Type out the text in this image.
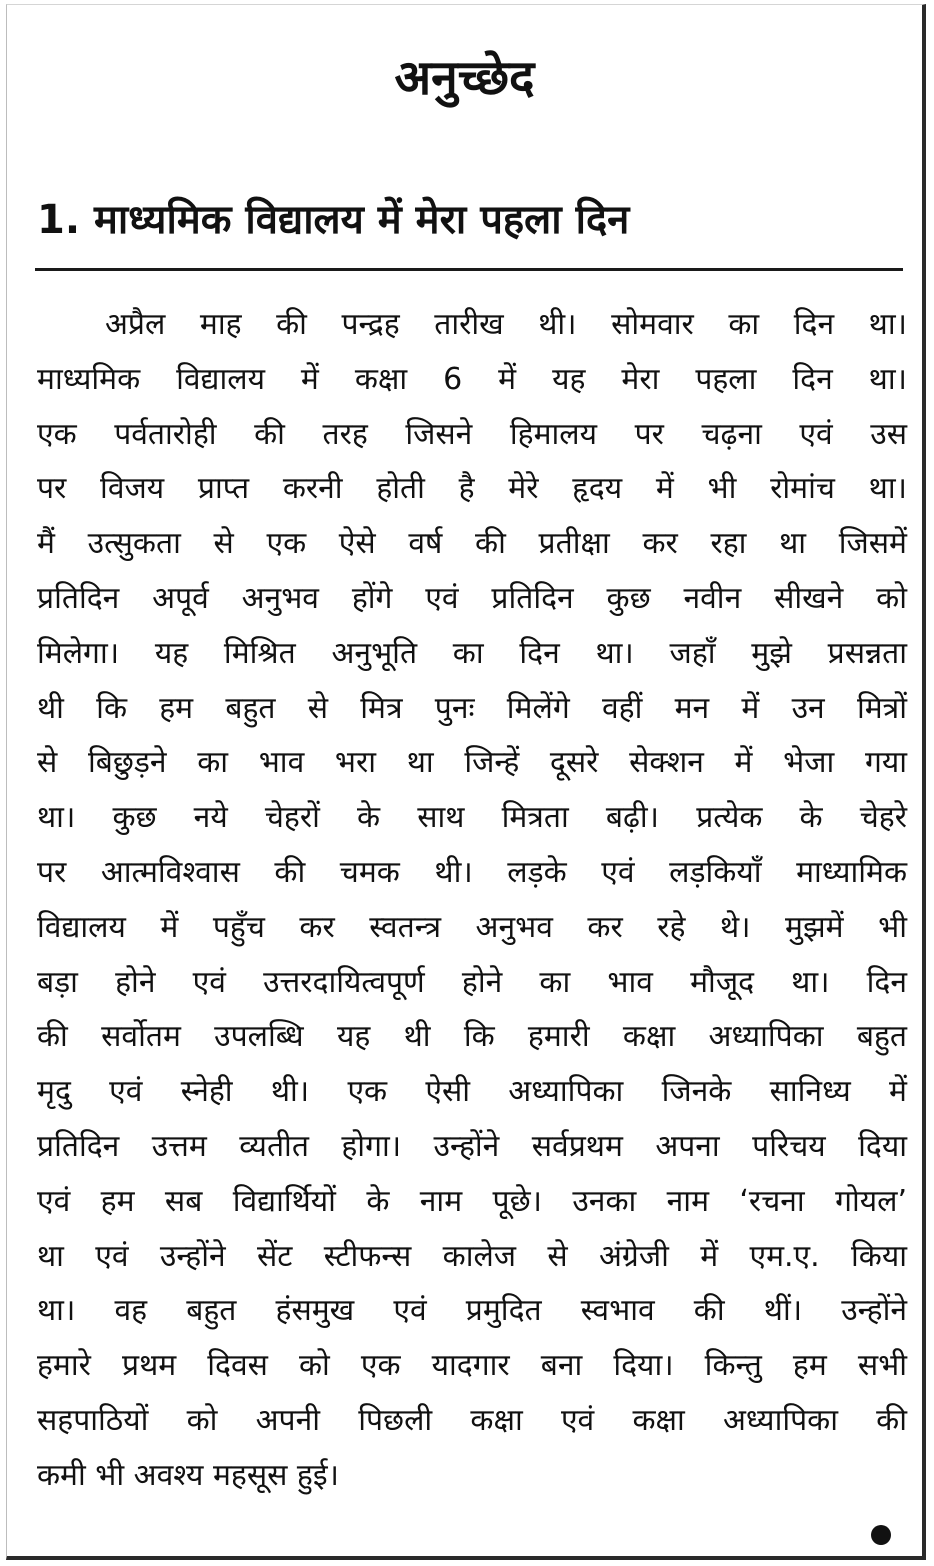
अनुच्छेद
1. माध्यमिक विद्यालय में मेरा पहला दिन
अप्रैल माह की पन्द्रह तारीख थी। सोमवार का दिन था।
माध्यमिक विद्यालय में कक्षा 6 में यह मेरा पहला दिन था।
एक पर्वतारोही की तरह जिसने हिमालय पर चढ़ना एवं उस
पर विजय प्राप्त करनी होती है मेरे हृदय में भी रोमांच था।
मैं उत्सुकता से एक ऐसे वर्ष की प्रतीक्षा कर रहा था जिसमें
प्रतिदिन अपूर्व अनुभव होंगे एवं प्रतिदिन कुछ नवीन सीखने को
मिलेगा। यह मिश्रित अनुभूति का दिन था। जहाँ मुझे प्रसन्नता
थी कि हम बहुत से मित्र पुनः मिलेंगे वहीं मन में उन मित्रों
से बिछुड़ने का भाव भरा था जिन्हें दूसरे सेक्शन में भेजा गया
था। कुछ नये चेहरों के साथ मित्रता बढ़ी। प्रत्येक के चेहरे
पर आत्मविश्वास की चमक थी। लड़के एवं लड़कियाँ माध्यामिक
विद्यालय में पहुँच कर स्वतन्त्र अनुभव कर रहे थे। मुझमें भी
बड़ा होने एवं उत्तरदायित्वपूर्ण होने का भाव मौजूद था। दिन
की सर्वोतम उपलब्धि यह थी कि हमारी कक्षा अध्यापिका बहुत
मृदु एवं स्नेही थी। एक ऐसी अध्यापिका जिनके सानिध्य में
प्रतिदिन उत्तम व्यतीत होगा। उन्होंने सर्वप्रथम अपना परिचय दिया
एवं हम सब विद्यार्थियों के नाम पूछे। उनका नाम ‘रचना गोयल’
था एवं उन्होंने सेंट स्टीफन्स कालेज से अंग्रेजी में एम.ए. किया
था। वह बहुत हंसमुख एवं प्रमुदित स्वभाव की थीं। उन्होंने
हमारे प्रथम दिवस को एक यादगार बना दिया। किन्तु हम सभी
सहपाठियों को अपनी पिछली कक्षा एवं कक्षा अध्यापिका की
कमी भी अवश्य महसूस हुई।
